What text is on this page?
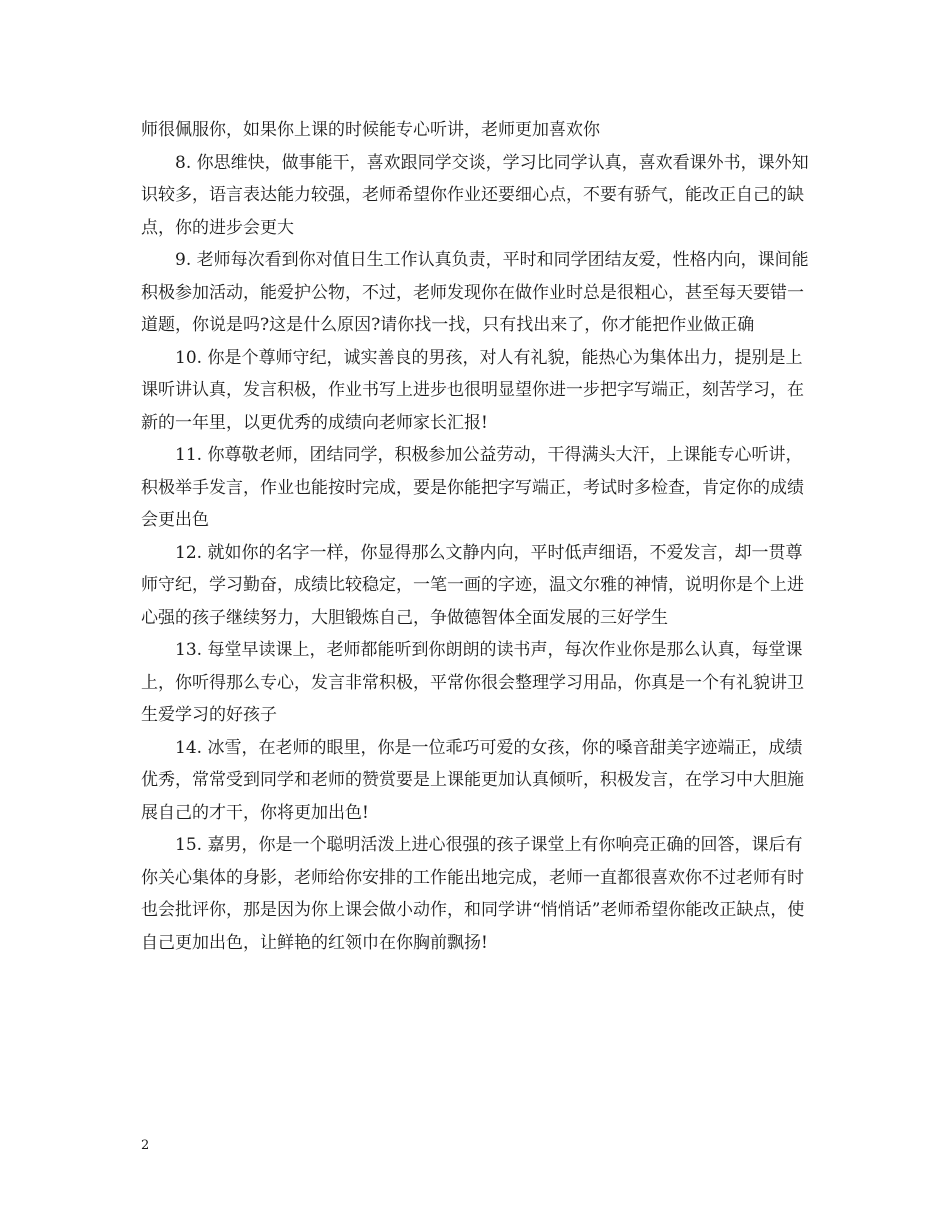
师很佩服你，如果你上课的时候能专心听讲，老师更加喜欢你

8. 你思维快，做事能干，喜欢跟同学交谈，学习比同学认真，喜欢看课外书，课外知识较多，语言表达能力较强，老师希望你作业还要细心点，不要有骄气，能改正自己的缺点，你的进步会更大

9. 老师每次看到你对值日生工作认真负责，平时和同学团结友爱，性格内向，课间能积极参加活动，能爱护公物，不过，老师发现你在做作业时总是很粗心，甚至每天要错一道题，你说是吗?这是什么原因?请你找一找，只有找出来了，你才能把作业做正确

10. 你是个尊师守纪，诚实善良的男孩，对人有礼貌，能热心为集体出力，提别是上课听讲认真，发言积极，作业书写上进步也很明显望你进一步把字写端正，刻苦学习，在新的一年里，以更优秀的成绩向老师家长汇报!

11. 你尊敬老师，团结同学，积极参加公益劳动，干得满头大汗，上课能专心听讲，积极举手发言，作业也能按时完成，要是你能把字写端正，考试时多检查，肯定你的成绩会更出色

12. 就如你的名字一样，你显得那么文静内向，平时低声细语，不爱发言，却一贯尊师守纪，学习勤奋，成绩比较稳定，一笔一画的字迹，温文尔雅的神情，说明你是个上进心强的孩子继续努力，大胆锻炼自己，争做德智体全面发展的三好学生

13. 每堂早读课上，老师都能听到你朗朗的读书声，每次作业你是那么认真，每堂课上，你听得那么专心，发言非常积极，平常你很会整理学习用品，你真是一个有礼貌讲卫生爱学习的好孩子

14. 冰雪，在老师的眼里，你是一位乖巧可爱的女孩，你的嗓音甜美字迹端正，成绩优秀，常常受到同学和老师的赞赏要是上课能更加认真倾听，积极发言，在学习中大胆施展自己的才干，你将更加出色!

15. 嘉男，你是一个聪明活泼上进心很强的孩子课堂上有你响亮正确的回答，课后有你关心集体的身影，老师给你安排的工作能出地完成，老师一直都很喜欢你不过老师有时也会批评你，那是因为你上课会做小动作，和同学讲“悄悄话”老师希望你能改正缺点，使自己更加出色，让鲜艳的红领巾在你胸前飘扬!

2
